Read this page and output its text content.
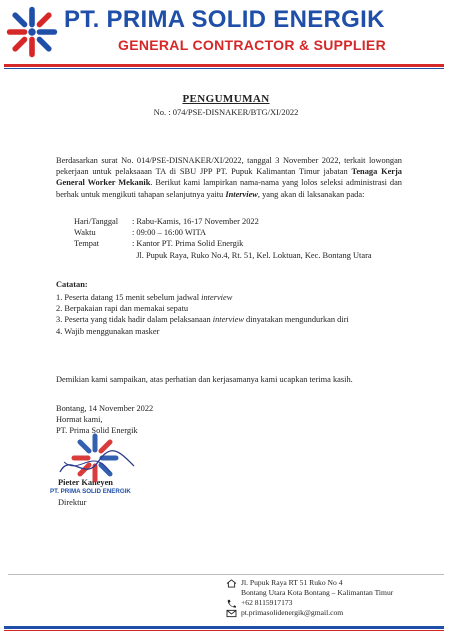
PT. PRIMA SOLID ENERGIK
GENERAL CONTRACTOR & SUPPLIER
PENGUMUMAN
No. : 074/PSE-DISNAKER/BTG/XI/2022
Berdasarkan surat No. 014/PSE-DISNAKER/XI/2022, tanggal 3 November 2022, terkait lowongan pekerjaan untuk pelaksaaan TA di SBU JPP PT. Pupuk Kalimantan Timur jabatan Tenaga Kerja General Worker Mekanik. Berikut kami lampirkan nama-nama yang lolos seleksi administrasi dan berhak untuk mengikuti tahapan selanjutnya yaitu Interview, yang akan di laksanakan pada:
Hari/Tanggal	: Rabu-Kamis, 16-17 November 2022
Waktu	: 09:00 – 16:00 WITA
Tempat	: Kantor PT. Prima Solid Energik
Jl. Pupuk Raya, Ruko No.4, Rt. 51, Kel. Loktuan, Kec. Bontang Utara
Catatan:
1. Peserta datang 15 menit sebelum jadwal interview
2. Berpakaian rapi dan memakai sepatu
3. Peserta yang tidak hadir dalam pelaksanaan interview dinyatakan mengundurkan diri
4. Wajib menggunakan masker
Demikian kami sampaikan, atas perhatian dan kerjasamanya kami ucapkan terima kasih.
Bontang, 14 November 2022
Hormat kami,
PT. Prima Solid Energik
Pieter Kaneyen
PT. PRIMA SOLID ENERGIK
Direktur
Jl. Pupuk Raya RT 51 Ruko No 4
Bontang Utara Kota Bontang – Kalimantan Timur
+62 8115917173
pt.primasolidenergik@gmail.com
